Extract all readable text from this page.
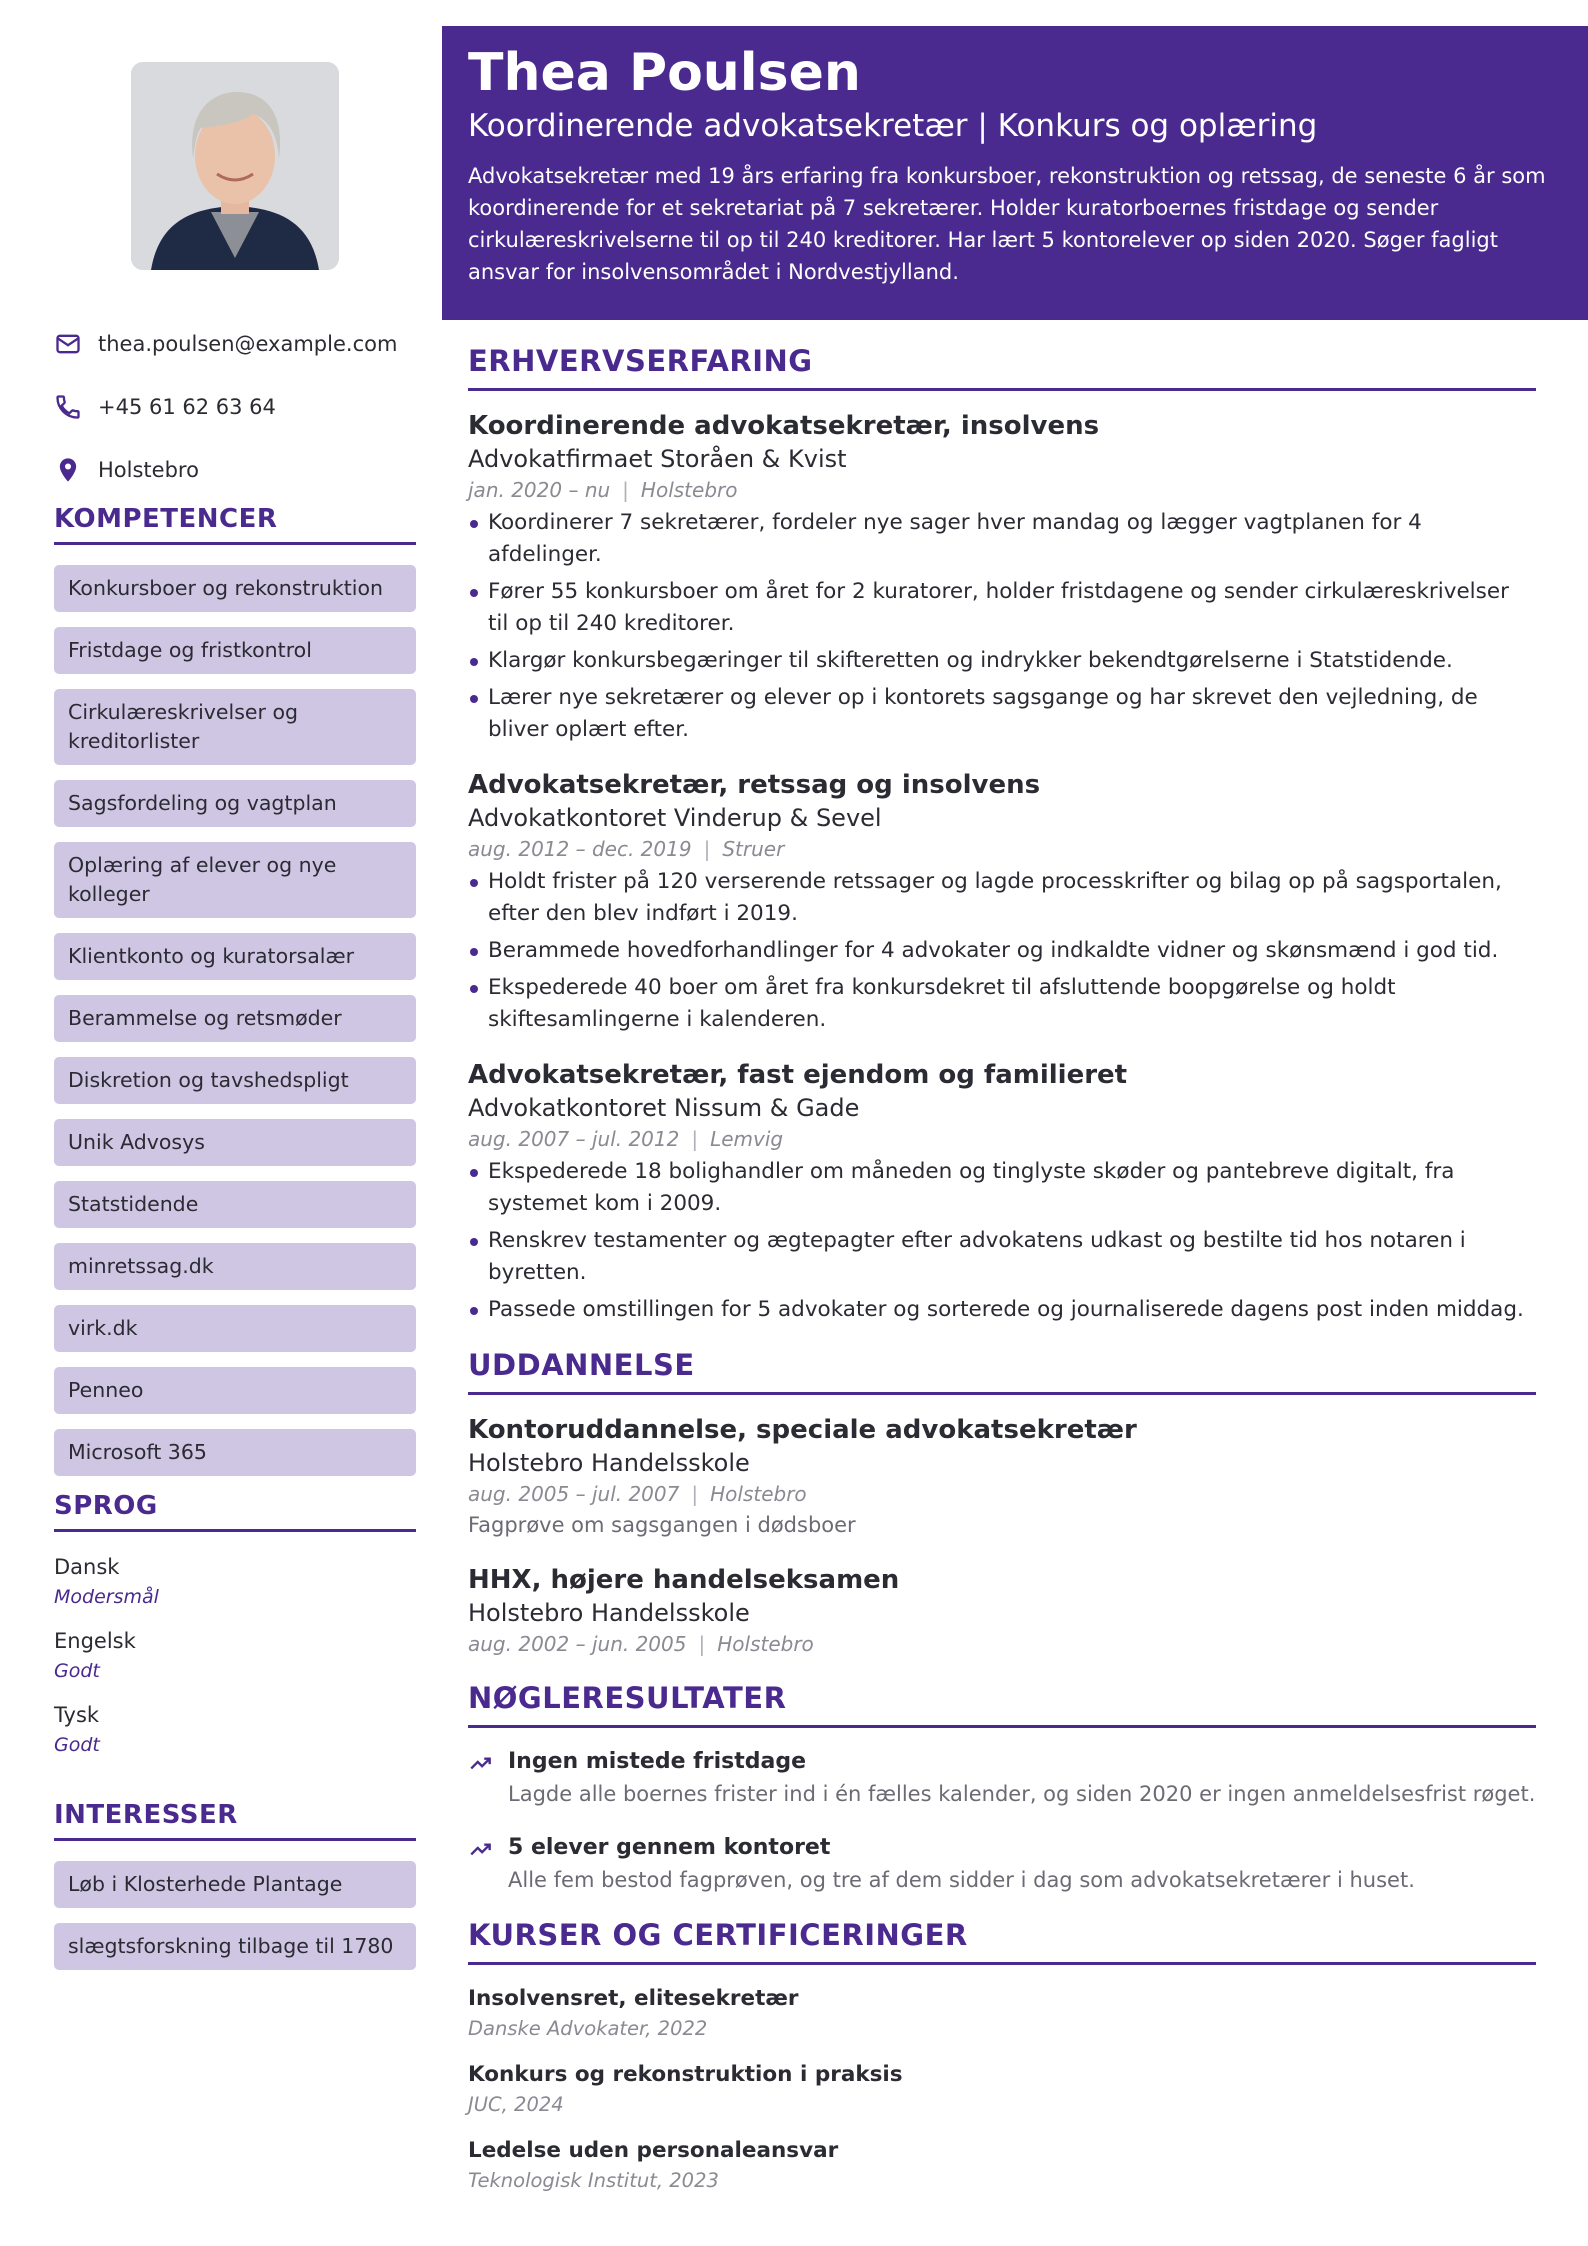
thea.poulsen@example.com
+45 61 62 63 64
Holstebro
KOMPETENCER
Konkursboer og rekonstruktion
Fristdage og fristkontrol
Cirkulæreskrivelser og kreditorlister
Sagsfordeling og vagtplan
Oplæring af elever og nye kolleger
Klientkonto og kuratorsalær
Berammelse og retsmøder
Diskretion og tavshedspligt
Unik Advosys
Statstidende
minretssag.dk
virk.dk
Penneo
Microsoft 365
SPROG
Dansk
Modersmål
Engelsk
Godt
Tysk
Godt
INTERESSER
Løb i Klosterhede Plantage
slægtsforskning tilbage til 1780
Thea Poulsen
Koordinerende advokatsekretær | Konkurs og oplæring
Advokatsekretær med 19 års erfaring fra konkursboer, rekonstruktion og retssag, de seneste 6 år som koordinerende for et sekretariat på 7 sekretærer. Holder kuratorboernes fristdage og sender cirkulæreskrivelserne til op til 240 kreditorer. Har lært 5 kontorelever op siden 2020. Søger fagligt ansvar for insolvensområdet i Nordvestjylland.
ERHVERVSERFARING
Koordinerende advokatsekretær, insolvens
Advokatfirmaet Storåen & Kvist
jan. 2020 – nu | Holstebro
Koordinerer 7 sekretærer, fordeler nye sager hver mandag og lægger vagtplanen for 4 afdelinger.
Fører 55 konkursboer om året for 2 kuratorer, holder fristdagene og sender cirkulæreskrivelser til op til 240 kreditorer.
Klargør konkursbegæringer til skifteretten og indrykker bekendtgørelserne i Statstidende.
Lærer nye sekretærer og elever op i kontorets sagsgange og har skrevet den vejledning, de bliver oplært efter.
Advokatsekretær, retssag og insolvens
Advokatkontoret Vinderup & Sevel
aug. 2012 – dec. 2019 | Struer
Holdt frister på 120 verserende retssager og lagde processkrifter og bilag op på sagsportalen, efter den blev indført i 2019.
Berammede hovedforhandlinger for 4 advokater og indkaldte vidner og skønsmænd i god tid.
Ekspederede 40 boer om året fra konkursdekret til afsluttende boopgørelse og holdt skiftesamlingerne i kalenderen.
Advokatsekretær, fast ejendom og familieret
Advokatkontoret Nissum & Gade
aug. 2007 – jul. 2012 | Lemvig
Ekspederede 18 bolighandler om måneden og tinglyste skøder og pantebreve digitalt, fra systemet kom i 2009.
Renskrev testamenter og ægtepagter efter advokatens udkast og bestilte tid hos notaren i byretten.
Passede omstillingen for 5 advokater og sorterede og journaliserede dagens post inden middag.
UDDANNELSE
Kontoruddannelse, speciale advokatsekretær
Holstebro Handelsskole
aug. 2005 – jul. 2007 | Holstebro
Fagprøve om sagsgangen i dødsboer
HHX, højere handelseksamen
Holstebro Handelsskole
aug. 2002 – jun. 2005 | Holstebro
NØGLERESULTATER
Ingen mistede fristdage
Lagde alle boernes frister ind i én fælles kalender, og siden 2020 er ingen anmeldelsesfrist røget.
5 elever gennem kontoret
Alle fem bestod fagprøven, og tre af dem sidder i dag som advokatsekretærer i huset.
KURSER OG CERTIFICERINGER
Insolvensret, elitesekretær
Danske Advokater, 2022
Konkurs og rekonstruktion i praksis
JUC, 2024
Ledelse uden personaleansvar
Teknologisk Institut, 2023
